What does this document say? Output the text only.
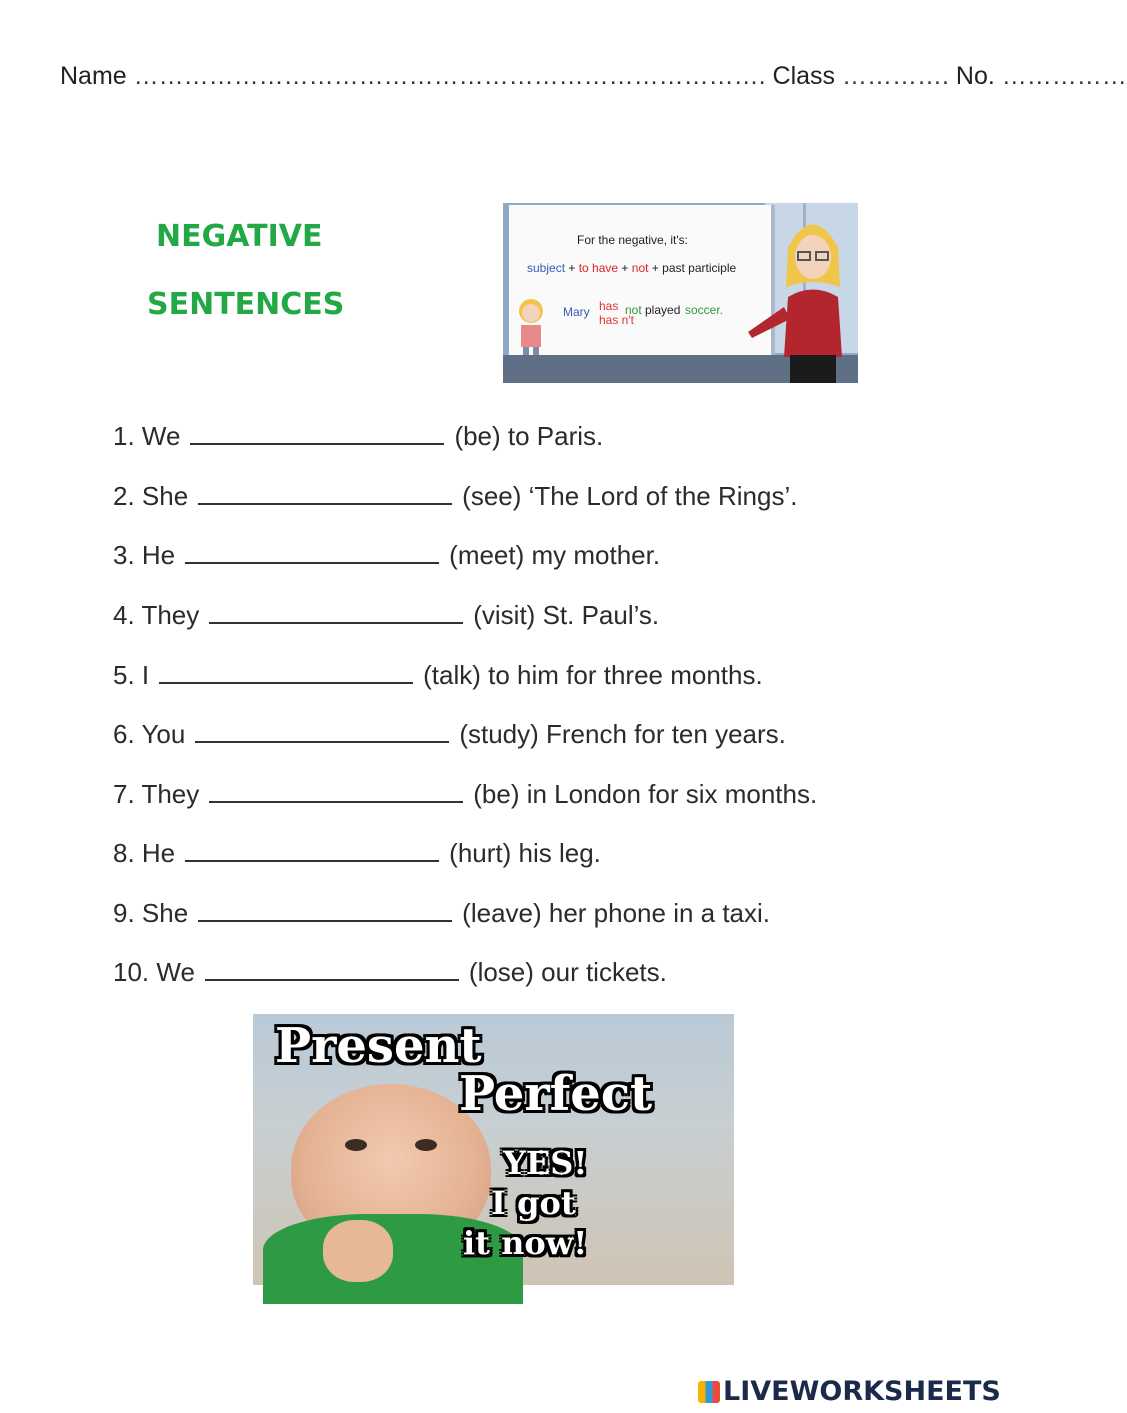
Name …………………………………………………………………. Class …………. No. ……………
NEGATIVE
SENTENCES
For the negative, it's:
subject + to have + not + past participle
Mary has
has n't
not played soccer.
1. We	(be) to Paris.
2. She	(see) ‘The Lord of the Rings’.
3. He	(meet) my mother.
4. They	(visit) St. Paul’s.
5. I	(talk) to him for three months.
6. You	(study) French for ten years.
7. They	(be) in London for six months.
8. He	(hurt) his leg.
9. She	(leave) her phone in a taxi.
10. We	(lose) our tickets.
Present
Perfect
YES!
I got
it now!
LIVEWORKSHEETS
